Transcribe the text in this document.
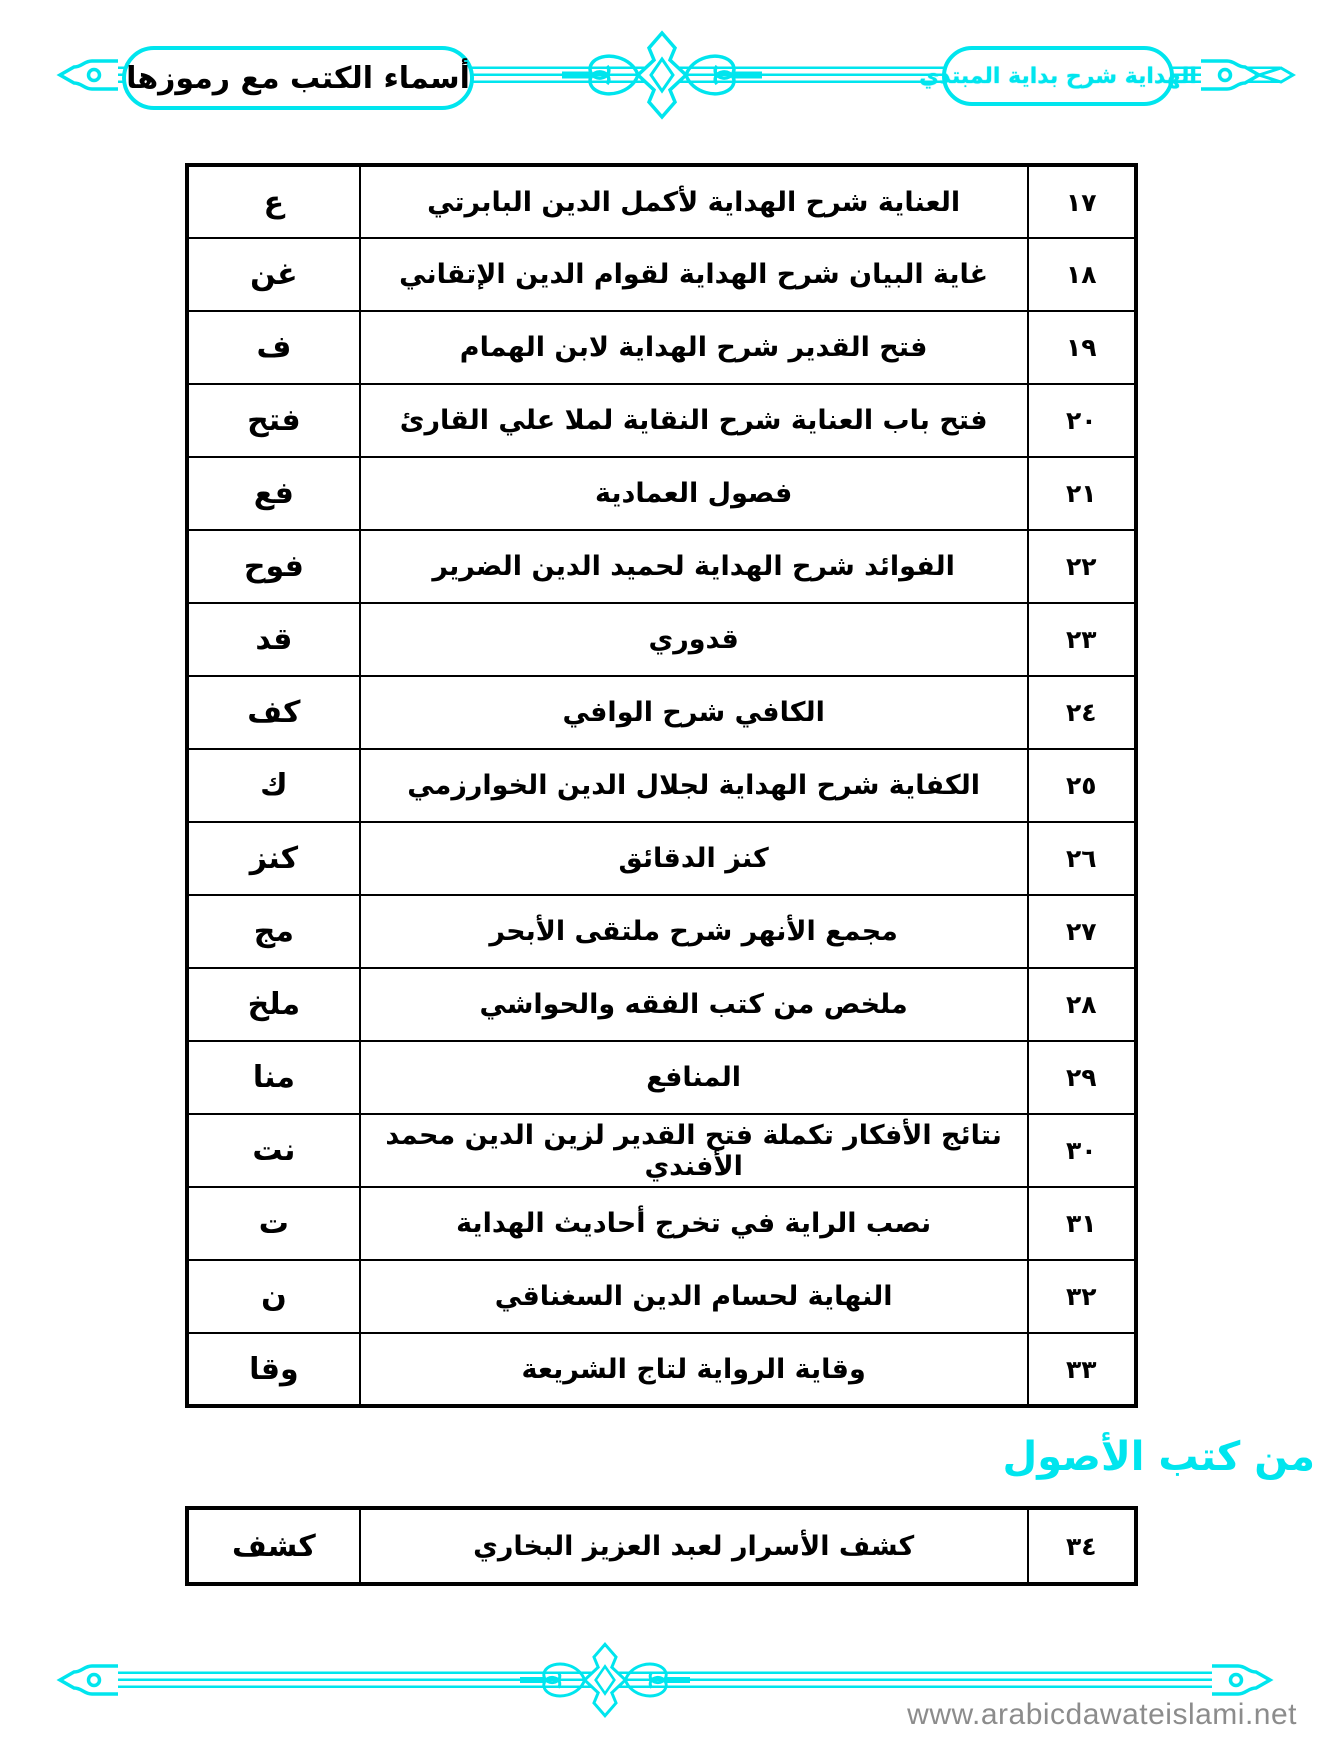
أسماء الكتب مع رموزها	الهداية شرح بداية المبتدي
١٧	العناية شرح الهداية لأكمل الدين البابرتي	ع
١٨	غاية البيان شرح الهداية لقوام الدين الإتقاني	غن
١٩	فتح القدير شرح الهداية لابن الهمام	ف
٢٠	فتح باب العناية شرح النقاية لملا علي القارئ	فتح
٢١	فصول العمادية	فع
٢٢	الفوائد شرح الهداية لحميد الدين الضرير	فوح
٢٣	قدوري	قد
٢٤	الكافي شرح الوافي	كف
٢٥	الكفاية شرح الهداية لجلال الدين الخوارزمي	ك
٢٦	كنز الدقائق	كنز
٢٧	مجمع الأنهر شرح ملتقى الأبحر	مج
٢٨	ملخص من كتب الفقه والحواشي	ملخ
٢٩	المنافع	منا
٣٠	نتائج الأفكار تكملة فتح القدير لزين الدين محمد الأفندي	نت
٣١	نصب الراية في تخرج أحاديث الهداية	ت
٣٢	النهاية لحسام الدين السغناقي	ن
٣٣	وقاية الرواية لتاج الشريعة	وقا
من كتب الأصول
٣٤	كشف الأسرار لعبد العزيز البخاري	كشف
www.arabicdawateislami.net
